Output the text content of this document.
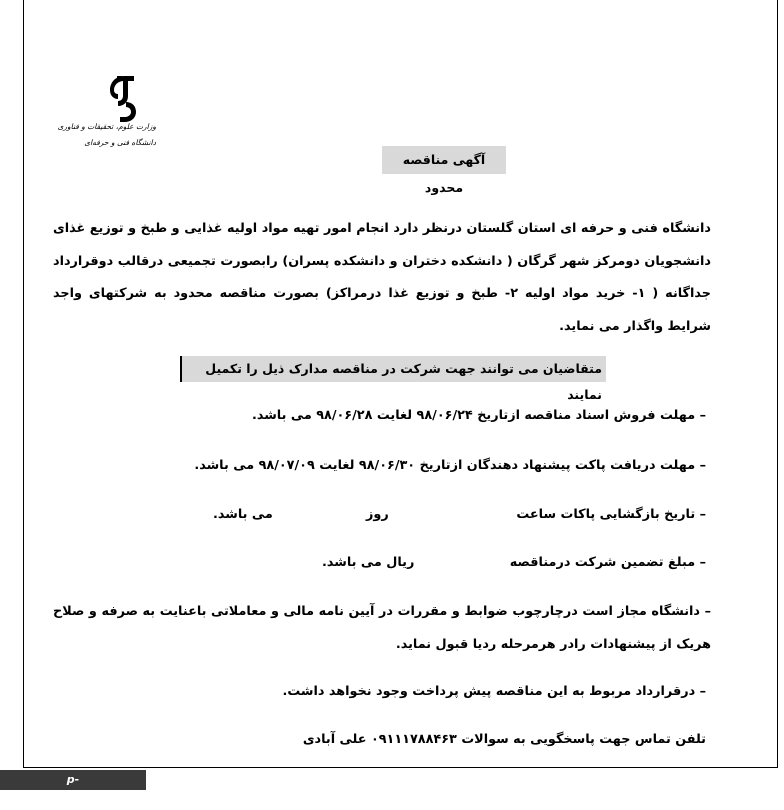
وزارت علوم، تحقیقات و فناوری
دانشگاه فنی و حرفه‌ای
آگهی مناقصه محدود
دانشگاه فنی و حرفه ای استان گلستان درنظر دارد انجام امور تهیه مواد اولیه غذایی و طبخ و توزیع غذای
دانشجویان دومرکز شهر گرگان ( دانشکده دختران و دانشکده پسران) رابصورت تجمیعی درقالب دوقرارداد
جداگانه ( ۱- خرید مواد اولیه ۲- طبخ و توزیع غذا درمراکز) بصورت مناقصه محدود به شرکتهای واجد
شرایط واگذار می نماید.
متقاضیان می توانند جهت شرکت در مناقصه مدارک ذیل را تکمیل نمایند
– مهلت فروش اسناد مناقصه ازتاریخ ۹۸/۰۶/۲۴ لغایت ۹۸/۰۶/۲۸ می باشد.
– مهلت دریافت پاکت پیشنهاد دهندگان ازتاریخ ۹۸/۰۶/۳۰ لغایت ۹۸/۰۷/۰۹ می باشد.
– تاریخ بازگشایی پاکات ساعت
روز
می باشد.
– مبلغ تضمین شرکت درمناقصه
ریال می باشد.
– دانشگاه مجاز است درچارچوب ضوابط و مقررات در آیین نامه مالی و معاملاتی باعنایت به صرفه و صلاح
هریک از پیشنهادات رادر هرمرحله ردیا قبول نماید.
– درقرارداد مربوط به این مناقصه پیش پرداخت وجود نخواهد داشت.
تلفن تماس جهت پاسخگویی به سوالات ۰۹۱۱۱۷۸۸۴۶۳ علی آبادی
p-aliabadkatool.tvu.ac.ir
